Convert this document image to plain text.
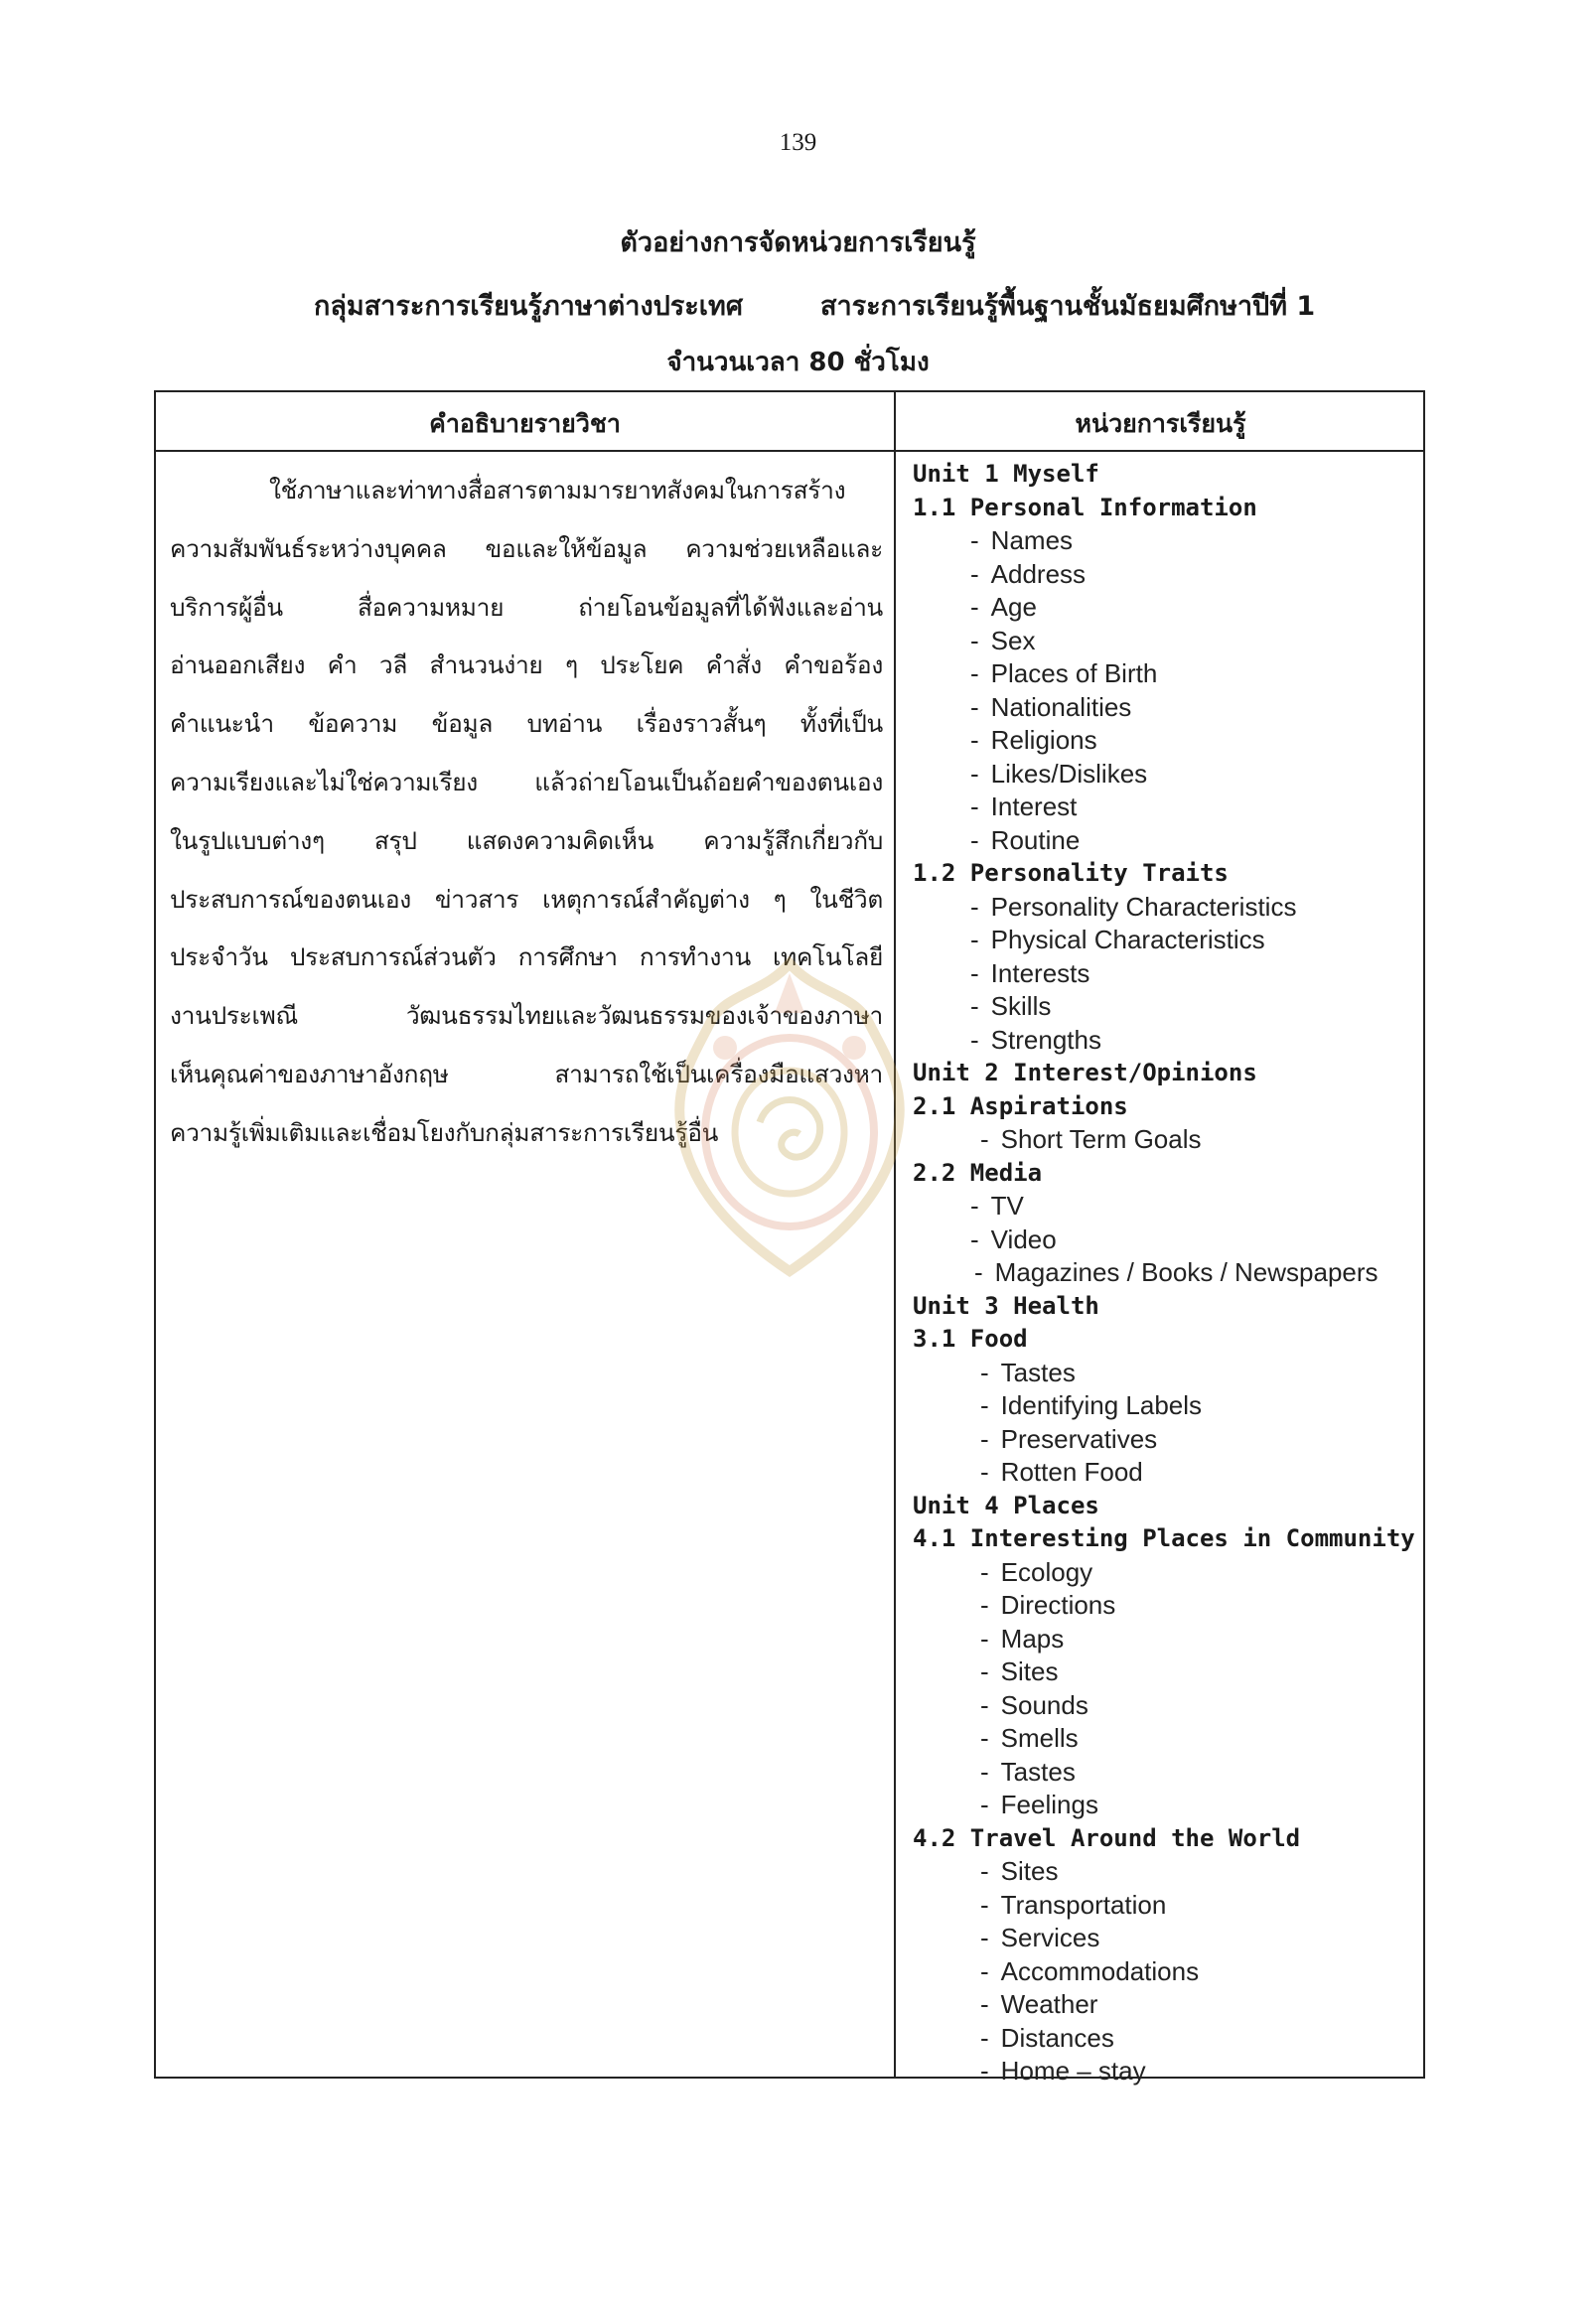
139
ตัวอย่างการจัดหน่วยการเรียนรู้
กลุ่มสาระการเรียนรู้ภาษาต่างประเทศ	สาระการเรียนรู้พื้นฐานชั้นมัธยมศึกษาปีที่ 1
จำนวนเวลา 80 ชั่วโมง
คำอธิบายรายวิชา	หน่วยการเรียนรู้
ใช้ภาษาและท่าทางสื่อสารตามมารยาทสังคมในการสร้าง
ความสัมพันธ์ระหว่างบุคคล ขอและให้ข้อมูล ความช่วยเหลือและ
บริการผู้อื่น สื่อความหมาย ถ่ายโอนข้อมูลที่ได้ฟังและอ่าน
อ่านออกเสียง คำ วลี สำนวนง่าย ๆ ประโยค คำสั่ง คำขอร้อง
คำแนะนำ ข้อความ ข้อมูล บทอ่าน เรื่องราวสั้นๆ ทั้งที่เป็น
ความเรียงและไม่ใช่ความเรียง แล้วถ่ายโอนเป็นถ้อยคำของตนเอง
ในรูปแบบต่างๆ สรุป แสดงความคิดเห็น ความรู้สึกเกี่ยวกับ
ประสบการณ์ของตนเอง ข่าวสาร เหตุการณ์สำคัญต่าง ๆ ในชีวิต
ประจำวัน ประสบการณ์ส่วนตัว การศึกษา การทำงาน เทคโนโลยี
งานประเพณี วัฒนธรรมไทยและวัฒนธรรมของเจ้าของภาษา
เห็นคุณค่าของภาษาอังกฤษ สามารถใช้เป็นเครื่องมือแสวงหา
ความรู้เพิ่มเติมและเชื่อมโยงกับกลุ่มสาระการเรียนรู้อื่น
Unit 1 Myself
1.1 Personal Information
- Names
- Address
- Age
- Sex
- Places of Birth
- Nationalities
- Religions
- Likes/Dislikes
- Interest
- Routine
1.2 Personality Traits
- Personality Characteristics
- Physical Characteristics
- Interests
- Skills
- Strengths
Unit 2 Interest/Opinions
2.1 Aspirations
- Short Term Goals
2.2 Media
- TV
- Video
- Magazines / Books / Newspapers
Unit 3 Health
3.1 Food
- Tastes
- Identifying Labels
- Preservatives
- Rotten Food
Unit 4 Places
4.1 Interesting Places in Community
- Ecology
- Directions
- Maps
- Sites
- Sounds
- Smells
- Tastes
- Feelings
4.2 Travel Around the World
- Sites
- Transportation
- Services
- Accommodations
- Weather
- Distances
- Home – stay
